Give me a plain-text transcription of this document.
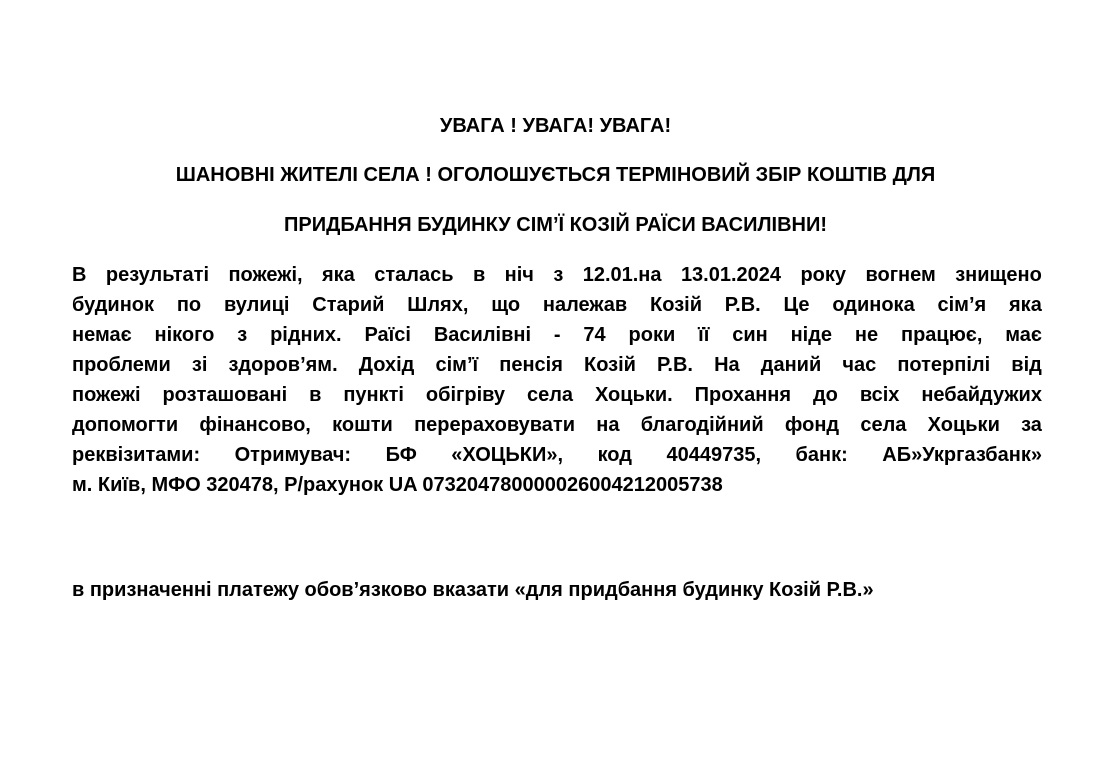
УВАГА ! УВАГА! УВАГА!
ШАНОВНІ ЖИТЕЛІ СЕЛА ! ОГОЛОШУЄТЬСЯ ТЕРМІНОВИЙ ЗБІР КОШТІВ ДЛЯ
ПРИДБАННЯ БУДИНКУ СІМ’Ї КОЗІЙ РАЇСИ ВАСИЛІВНИ!
В результаті пожежі, яка сталась в ніч з 12.01.на 13.01.2024 року вогнем знищено
будинок по вулиці Старий Шлях, що належав Козій Р.В. Це одинока сім’я яка
немає нікого з рідних. Раїсі Василівні - 74 роки її син ніде не працює, має
проблеми зі здоров’ям. Дохід сім’ї пенсія Козій Р.В. На даний час потерпілі від
пожежі розташовані в пункті обігріву села Хоцьки. Прохання до всіх небайдужих
допомогти фінансово, кошти перераховувати на благодійний фонд села Хоцьки за
реквізитами: Отримувач: БФ «ХОЦЬКИ», код 40449735, банк: АБ»Укргазбанк»
м. Київ, МФО 320478, Р/рахунок UA 073204780000026004212005738
в призначенні платежу обов’язково вказати «для придбання будинку Козій Р.В.»
